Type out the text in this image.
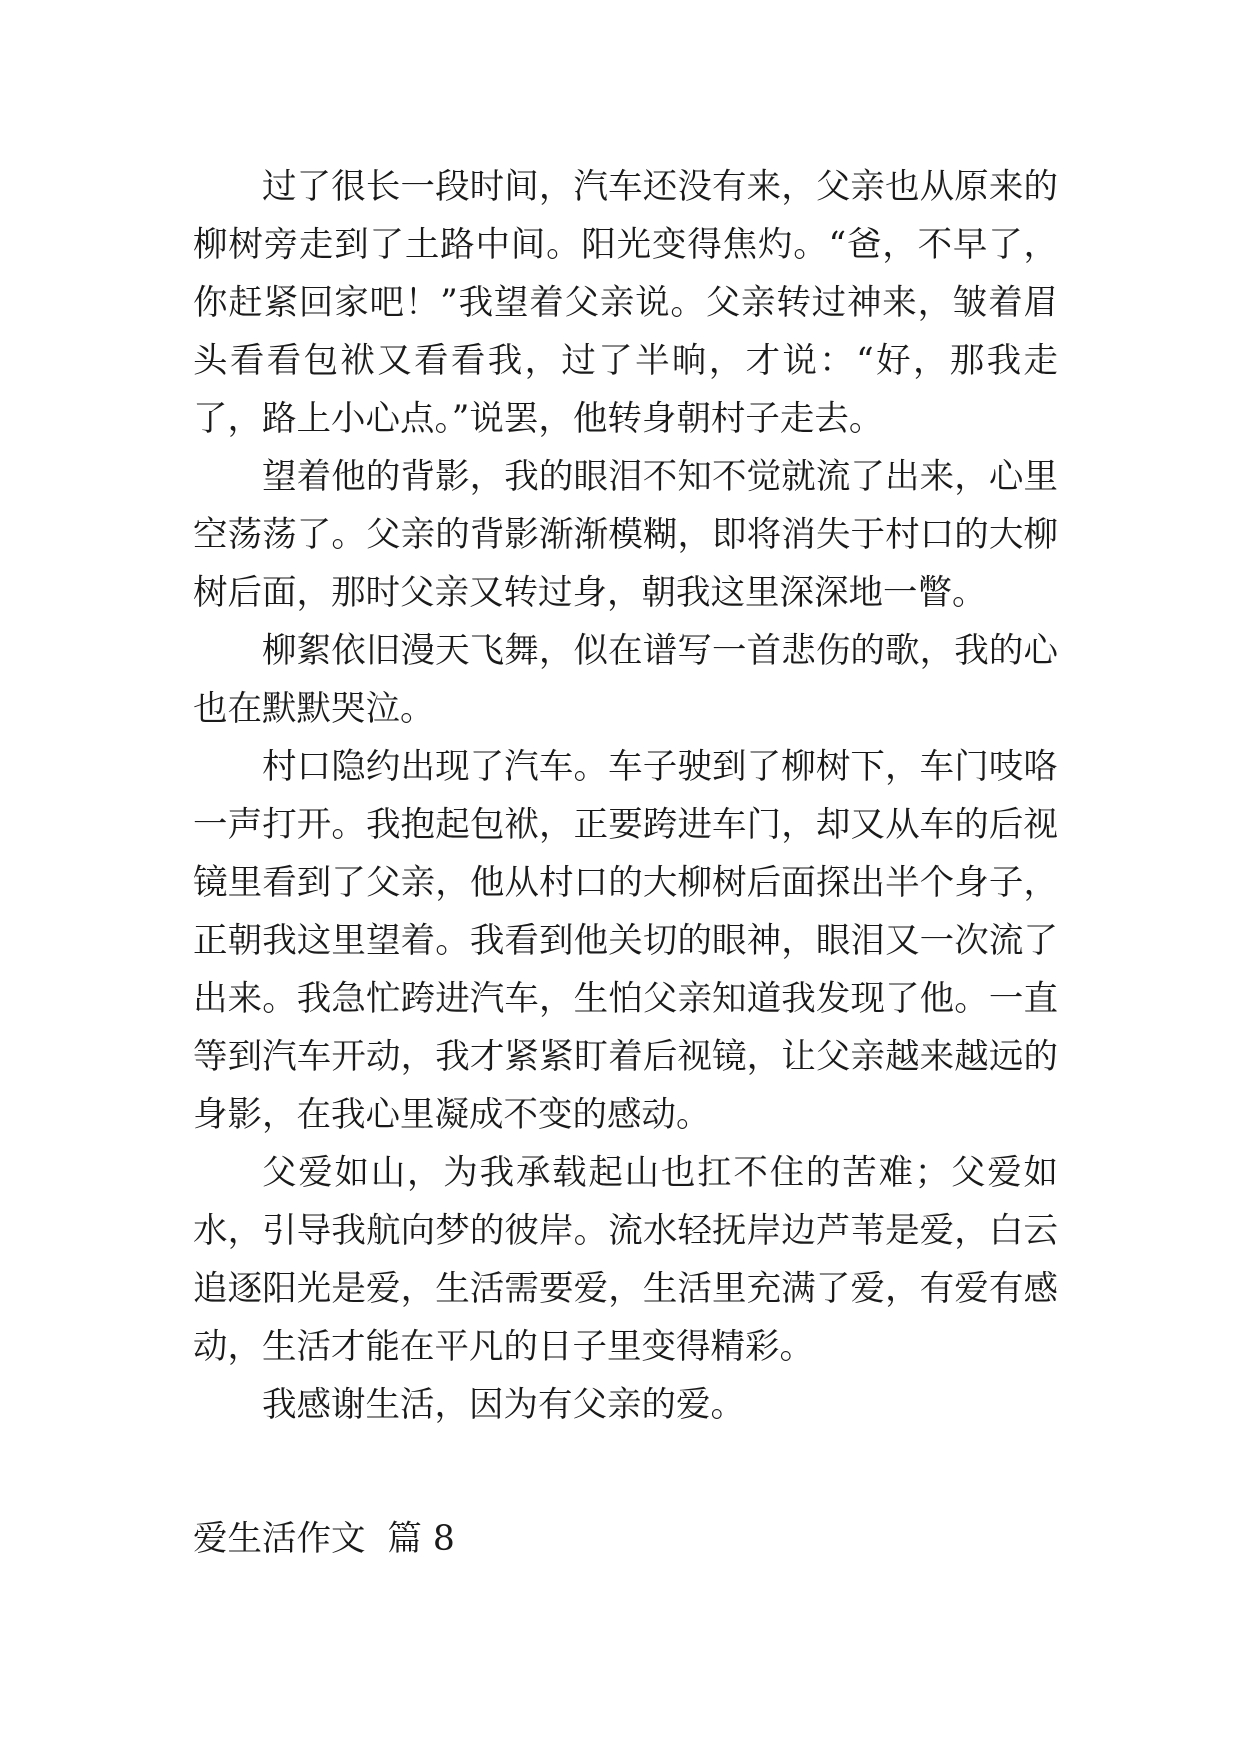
过了很长一段时间，汽车还没有来，父亲也从原来的柳树旁走到了土路中间。阳光变得焦灼。“爸，不早了，你赶紧回家吧！”我望着父亲说。父亲转过神来，皱着眉头看看包袱又看看我，过了半晌，才说：“好，那我走了，路上小心点。”说罢，他转身朝村子走去。

望着他的背影，我的眼泪不知不觉就流了出来，心里空荡荡了。父亲的背影渐渐模糊，即将消失于村口的大柳树后面，那时父亲又转过身，朝我这里深深地一瞥。

柳絮依旧漫天飞舞，似在谱写一首悲伤的歌，我的心也在默默哭泣。

村口隐约出现了汽车。车子驶到了柳树下，车门吱咯一声打开。我抱起包袱，正要跨进车门，却又从车的后视镜里看到了父亲，他从村口的大柳树后面探出半个身子，正朝我这里望着。我看到他关切的眼神，眼泪又一次流了出来。我急忙跨进汽车，生怕父亲知道我发现了他。一直等到汽车开动，我才紧紧盯着后视镜，让父亲越来越远的身影，在我心里凝成不变的感动。

父爱如山，为我承载起山也扛不住的苦难；父爱如水，引导我航向梦的彼岸。流水轻抚岸边芦苇是爱，白云追逐阳光是爱，生活需要爱，生活里充满了爱，有爱有感动，生活才能在平凡的日子里变得精彩。

我感谢生活，因为有父亲的爱。

爱生活作文  篇 8
